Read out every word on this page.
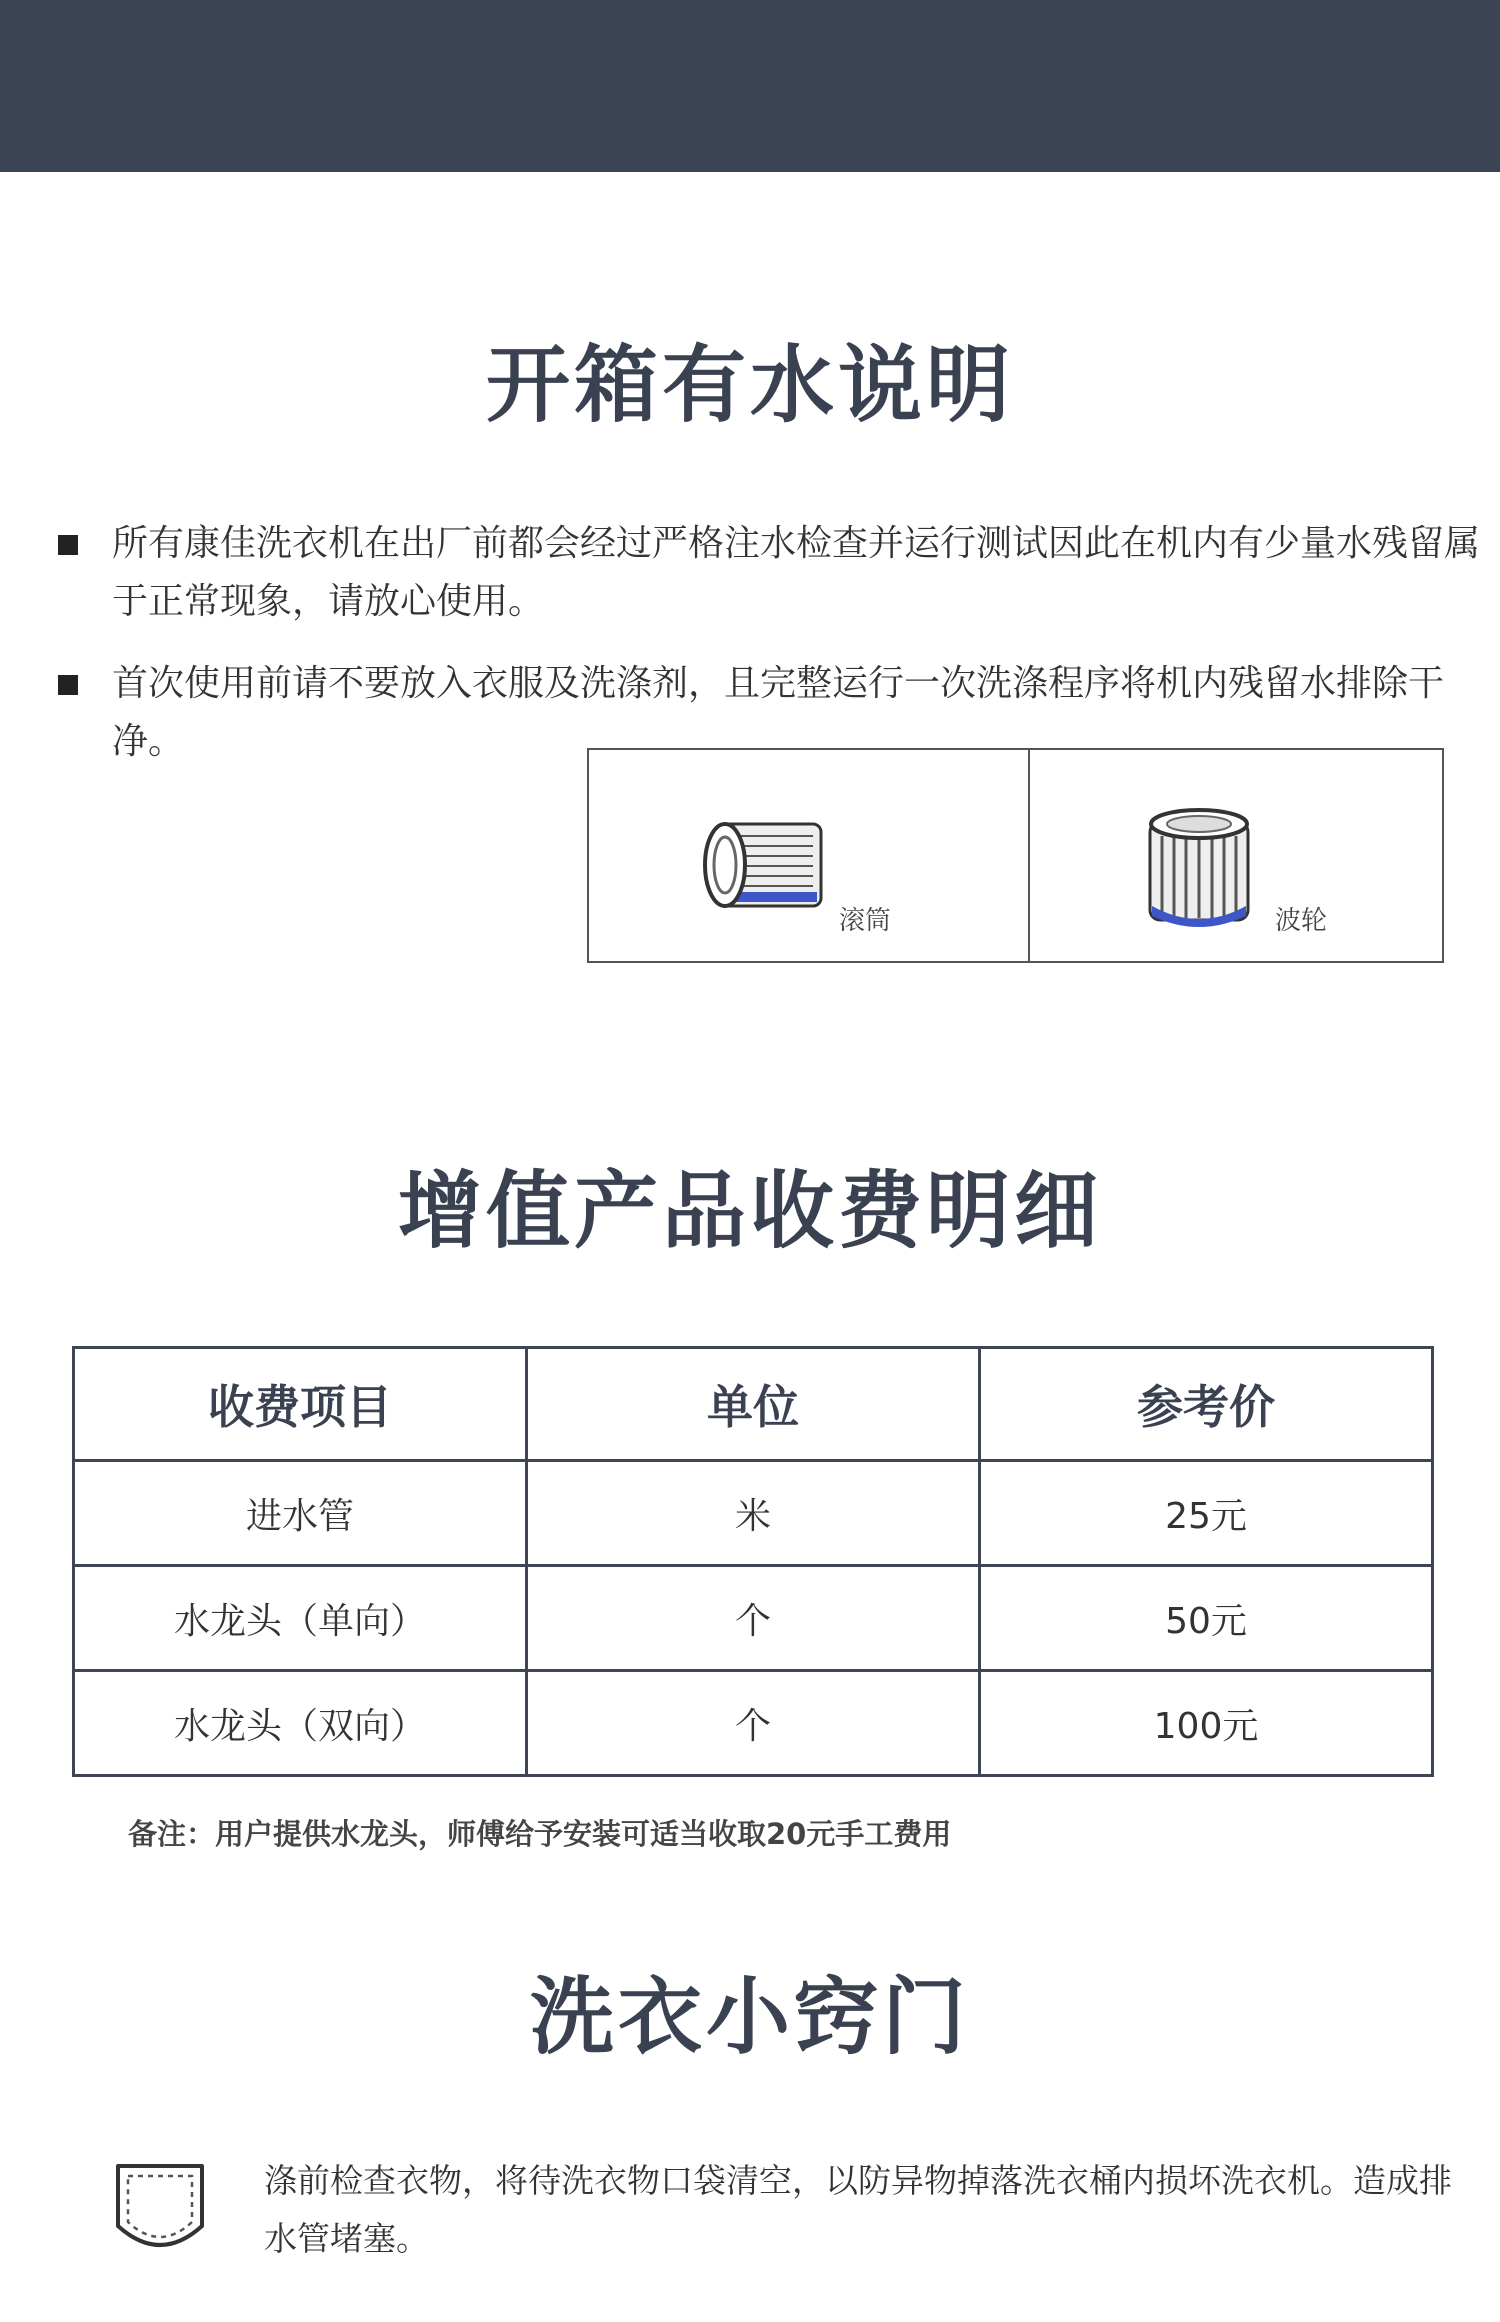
开箱有水说明
所有康佳洗衣机在出厂前都会经过严格注水检查并运行测试因此在机内有少量水残留属于正常现象，请放心使用。
首次使用前请不要放入衣服及洗涤剂，且完整运行一次洗涤程序将机内残留水排除干净。
滚筒	波轮
增值产品收费明细
收费项目	单位	参考价
进水管	米	25元
水龙头（单向）	个	50元
水龙头（双向）	个	100元
备注：用户提供水龙头，师傅给予安装可适当收取20元手工费用
洗衣小窍门
涤前检查衣物，将待洗衣物口袋清空，以防异物掉落洗衣桶内损坏洗衣机。造成排水管堵塞。
